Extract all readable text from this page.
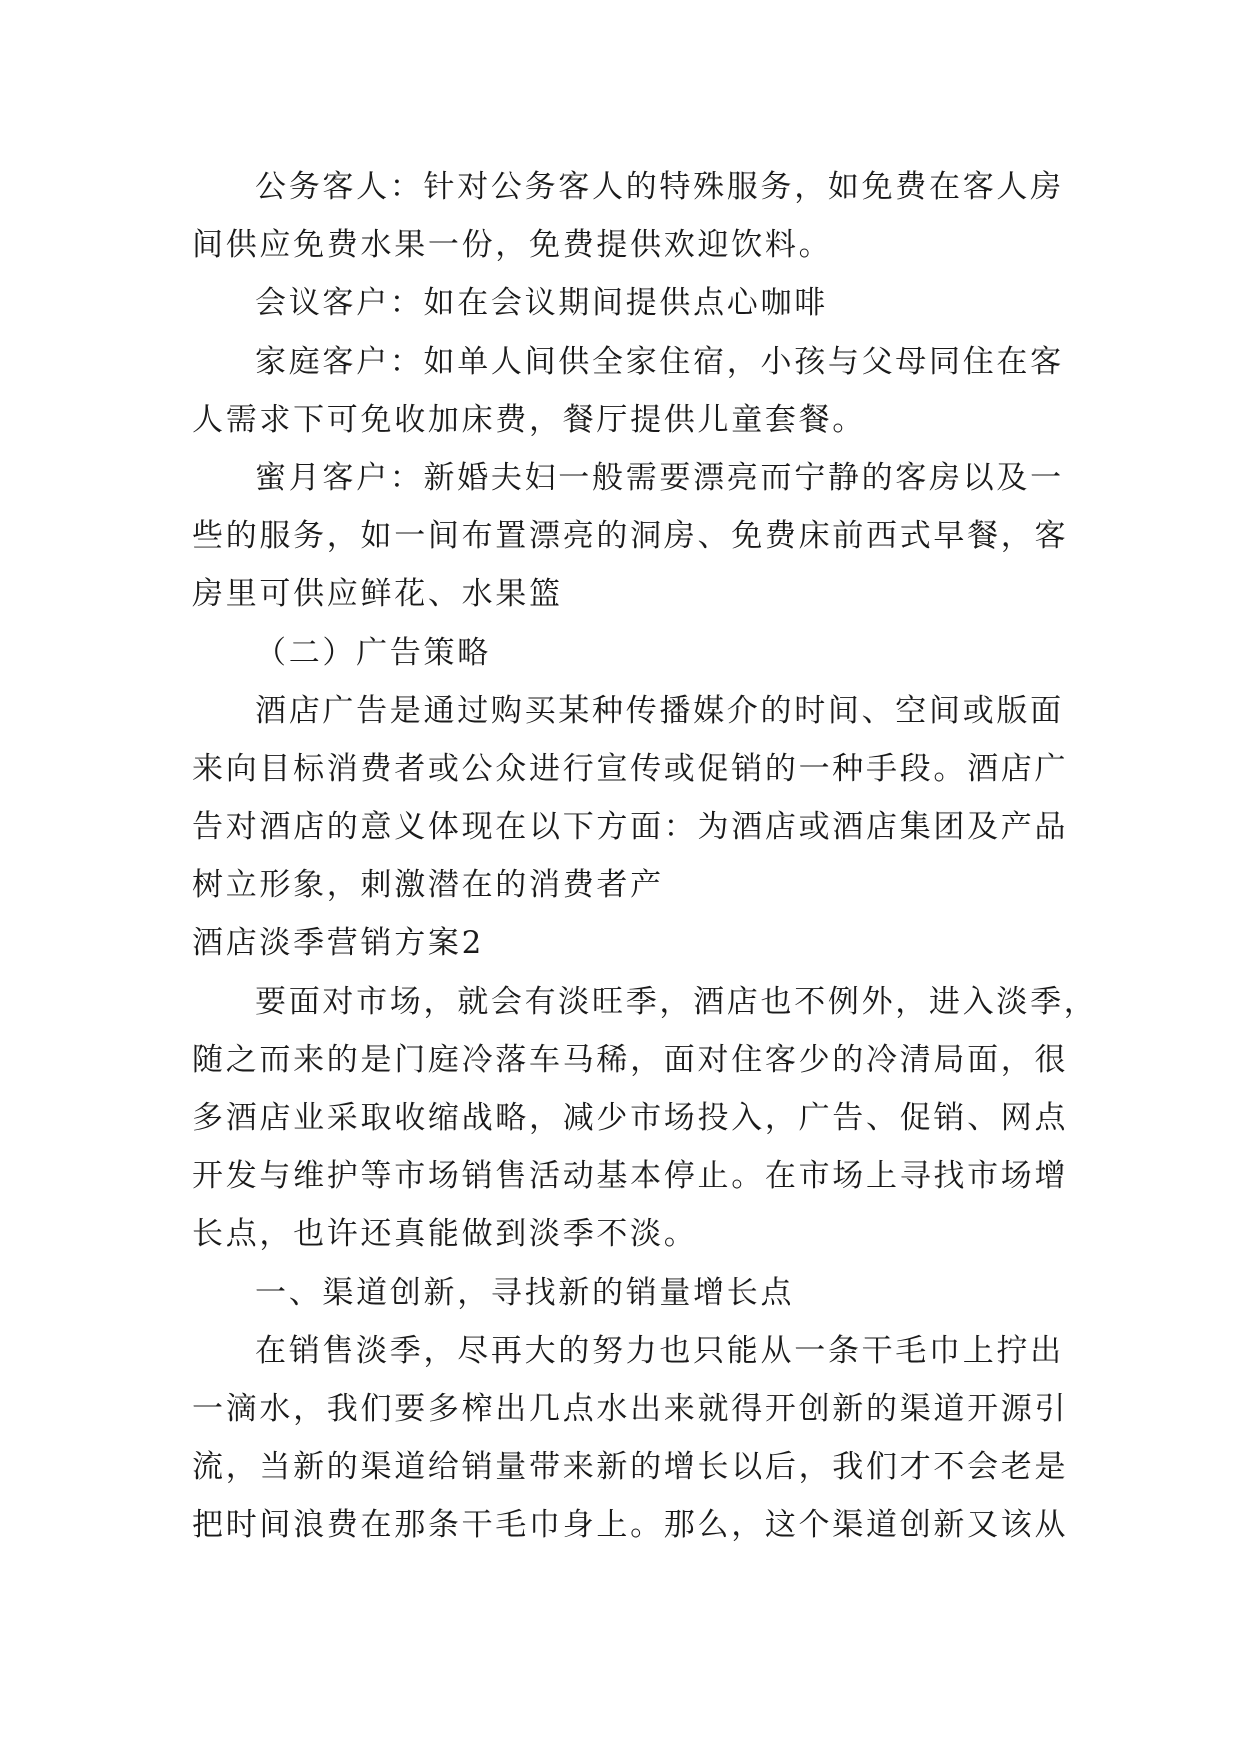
公务客人：针对公务客人的特殊服务，如免费在客人房
间供应免费水果一份，免费提供欢迎饮料。
会议客户：如在会议期间提供点心咖啡
家庭客户：如单人间供全家住宿，小孩与父母同住在客
人需求下可免收加床费，餐厅提供儿童套餐。
蜜月客户：新婚夫妇一般需要漂亮而宁静的客房以及一
些的服务，如一间布置漂亮的洞房、免费床前西式早餐，客
房里可供应鲜花、水果篮
（二）广告策略
酒店广告是通过购买某种传播媒介的时间、空间或版面
来向目标消费者或公众进行宣传或促销的一种手段。酒店广
告对酒店的意义体现在以下方面：为酒店或酒店集团及产品
树立形象，刺激潜在的消费者产
酒店淡季营销方案2
要面对市场，就会有淡旺季，酒店也不例外，进入淡季，
随之而来的是门庭冷落车马稀，面对住客少的冷清局面，很
多酒店业采取收缩战略，减少市场投入，广告、促销、网点
开发与维护等市场销售活动基本停止。在市场上寻找市场增
长点，也许还真能做到淡季不淡。
一、渠道创新，寻找新的销量增长点
在销售淡季，尽再大的努力也只能从一条干毛巾上拧出
一滴水，我们要多榨出几点水出来就得开创新的渠道开源引
流，当新的渠道给销量带来新的增长以后，我们才不会老是
把时间浪费在那条干毛巾身上。那么，这个渠道创新又该从
